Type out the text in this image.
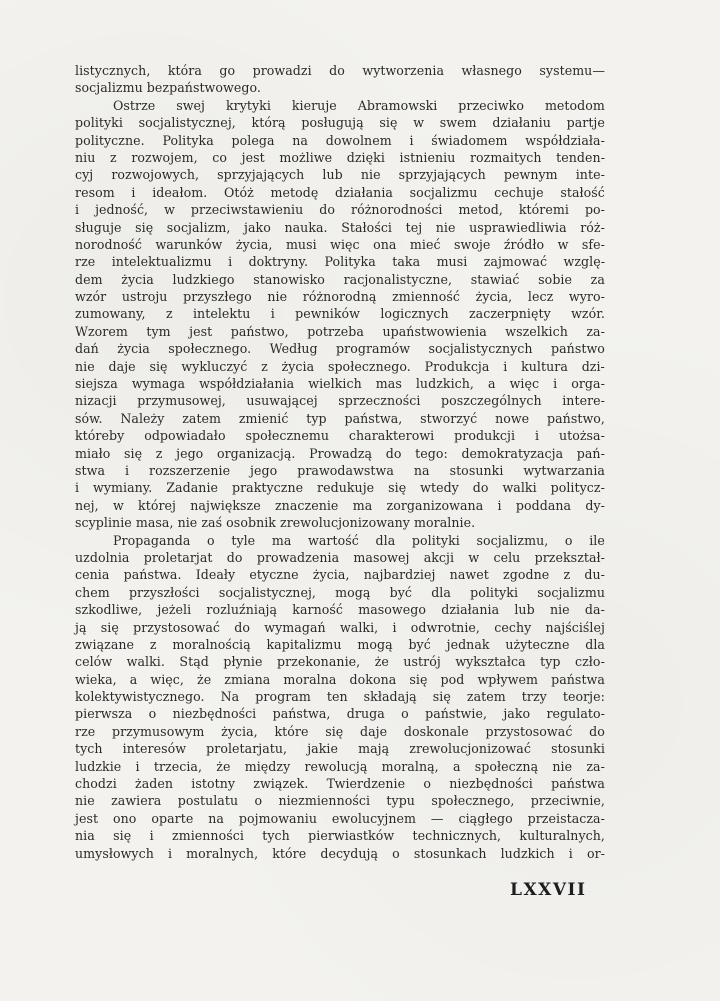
listycznych, która go prowadzi do wytworzenia własnego systemu—
socjalizmu bezpaństwowego.
Ostrze swej krytyki kieruje Abramowski przeciwko metodom
polityki socjalistycznej, którą posługują się w swem działaniu partje
polityczne. Polityka polega na dowolnem i świadomem współdziała-
niu z rozwojem, co jest możliwe dzięki istnieniu rozmaitych tenden-
cyj rozwojowych, sprzyjających lub nie sprzyjających pewnym inte-
resom i ideałom. Otóż metodę działania socjalizmu cechuje stałość
i jedność, w przeciwstawieniu do różnorodności metod, któremi po-
sługuje się socjalizm, jako nauka. Stałości tej nie usprawiedliwia róż-
norodność warunków życia, musi więc ona mieć swoje źródło w sfe-
rze intelektualizmu i doktryny. Polityka taka musi zajmować wzglę-
dem życia ludzkiego stanowisko racjonalistyczne, stawiać sobie za
wzór ustroju przyszłego nie różnorodną zmienność życia, lecz wyro-
zumowany, z intelektu i pewników logicznych zaczerpnięty wzór.
Wzorem tym jest państwo, potrzeba upaństwowienia wszelkich za-
dań życia społecznego. Według programów socjalistycznych państwo
nie daje się wykluczyć z życia społecznego. Produkcja i kultura dzi-
siejsza wymaga współdziałania wielkich mas ludzkich, a więc i orga-
nizacji przymusowej, usuwającej sprzeczności poszczególnych intere-
sów. Należy zatem zmienić typ państwa, stworzyć nowe państwo,
któreby odpowiadało społecznemu charakterowi produkcji i utożsa-
miało się z jego organizacją. Prowadzą do tego: demokratyzacja pań-
stwa i rozszerzenie jego prawodawstwa na stosunki wytwarzania
i wymiany. Zadanie praktyczne redukuje się wtedy do walki politycz-
nej, w której największe znaczenie ma zorganizowana i poddana dy-
scyplinie masa, nie zaś osobnik zrewolucjonizowany moralnie.
Propaganda o tyle ma wartość dla polityki socjalizmu, o ile
uzdolnia proletarjat do prowadzenia masowej akcji w celu przekształ-
cenia państwa. Ideały etyczne życia, najbardziej nawet zgodne z du-
chem przyszłości socjalistycznej, mogą być dla polityki socjalizmu
szkodliwe, jeżeli rozluźniają karność masowego działania lub nie da-
ją się przystosować do wymagań walki, i odwrotnie, cechy najściślej
związane z moralnością kapitalizmu mogą być jednak użyteczne dla
celów walki. Stąd płynie przekonanie, że ustrój wykształca typ czło-
wieka, a więc, że zmiana moralna dokona się pod wpływem państwa
kolektywistycznego. Na program ten składają się zatem trzy teorje:
pierwsza o niezbędności państwa, druga o państwie, jako regulato-
rze przymusowym życia, które się daje doskonale przystosować do
tych interesów proletarjatu, jakie mają zrewolucjonizować stosunki
ludzkie i trzecia, że między rewolucją moralną, a społeczną nie za-
chodzi żaden istotny związek. Twierdzenie o niezbędności państwa
nie zawiera postulatu o niezmienności typu społecznego, przeciwnie,
jest ono oparte na pojmowaniu ewolucyjnem — ciągłego przeistacza-
nia się i zmienności tych pierwiastków technicznych, kulturalnych,
umysłowych i moralnych, które decydują o stosunkach ludzkich i or-
LXXVII
